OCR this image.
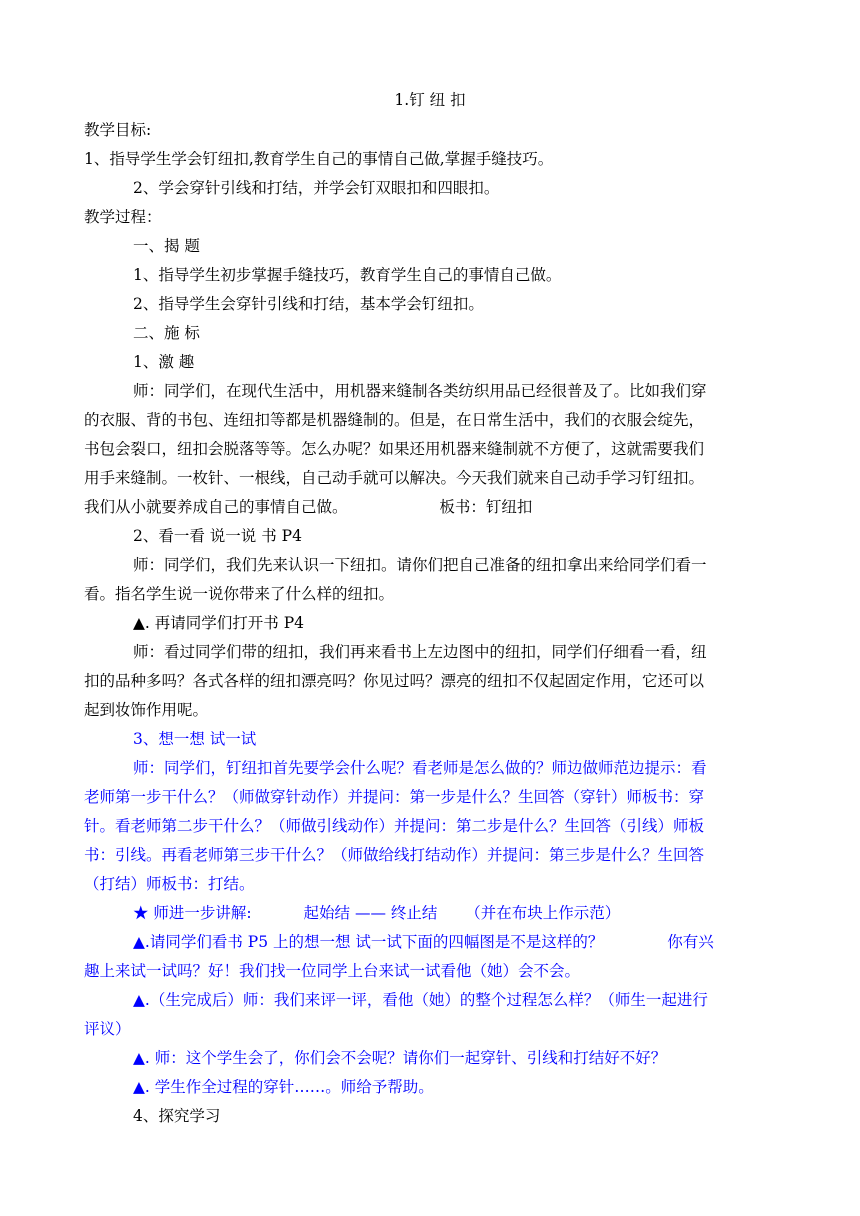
1.钉 纽 扣
教学目标:
1、指导学生学会钉纽扣,教育学生自己的事情自己做,掌握手缝技巧。
2、学会穿针引线和打结，并学会钉双眼扣和四眼扣。
教学过程：
一、揭 题
1、指导学生初步掌握手缝技巧，教育学生自己的事情自己做。
2、指导学生会穿针引线和打结，基本学会钉纽扣。
二、施 标
1、激 趣
师：同学们，在现代生活中，用机器来缝制各类纺织用品已经很普及了。比如我们穿
的衣服、背的书包、连纽扣等都是机器缝制的。但是，在日常生活中，我们的衣服会绽先，
书包会裂口，纽扣会脱落等等。怎么办呢？如果还用机器来缝制就不方便了，这就需要我们
用手来缝制。一枚针、一根线，自己动手就可以解决。今天我们就来自己动手学习钉纽扣。
我们从小就要养成自己的事情自己做。	板书：钉纽扣
2、看一看 说一说 书 P4
师：同学们，我们先来认识一下纽扣。请你们把自己准备的纽扣拿出来给同学们看一
看。指名学生说一说你带来了什么样的纽扣。
▲. 再请同学们打开书 P4
师：看过同学们带的纽扣，我们再来看书上左边图中的纽扣，同学们仔细看一看，纽
扣的品种多吗？各式各样的纽扣漂亮吗？你见过吗？漂亮的纽扣不仅起固定作用，它还可以
起到妆饰作用呢。
3、想一想 试一试
师：同学们，钉纽扣首先要学会什么呢？看老师是怎么做的？师边做师范边提示：看
老师第一步干什么？（师做穿针动作）并提问：第一步是什么？生回答（穿针）师板书：穿
针。看老师第二步干什么？（师做引线动作）并提问：第二步是什么？生回答（引线）师板
书：引线。再看老师第三步干什么？（师做给线打结动作）并提问：第三步是什么？生回答
（打结）师板书：打结。
★ 师进一步讲解:	起始结 —— 终止结 （并在布块上作示范）
▲.请同学们看书 P5 上的想一想 试一试下面的四幅图是不是这样的？	你有兴
趣上来试一试吗？好！我们找一位同学上台来试一试看他（她）会不会。
▲.（生完成后）师：我们来评一评，看他（她）的整个过程怎么样？（师生一起进行
评议）
▲. 师：这个学生会了，你们会不会呢？请你们一起穿针、引线和打结好不好？
▲. 学生作全过程的穿针……。师给予帮助。
4、探究学习
